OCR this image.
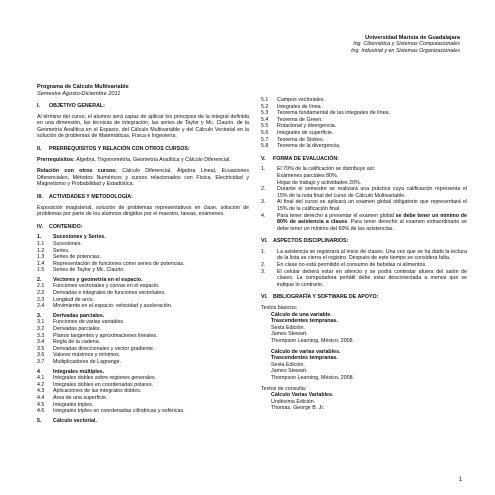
Universidad Marista de Guadalajara
Ing. Cibernética y Sistemas Computacionales
Ing. Industrial y en Sistemas Organizacionales
Programa de Cálculo Multivariable
Semestre Agosto-Diciembre 2011
I.	OBJETIVO GENERAL:

Al término del curso, el alumno será capaz de aplicar los principios de la integral definida en una dimensión, las técnicas de integración, las series de Taylor y Mc. Claurin, de la Geometría Analítica en el Espacio, del Cálculo Multivariable y del Cálculo Vectorial en la solución de problemas de Matemáticas, Física e Ingeniería.

II.	PRERREQUISITOS Y RELACIÓN CON OTROS CURSOS:

Prerrequisitos: Álgebra, Trigonometría, Geometría Analítica y Cálculo Diferencial.

Relación con otros cursos: Cálculo Diferencial, Álgebra Lineal, Ecuaciones Diferenciales, Métodos Numéricos y cursos relacionados con Física, Electricidad y Magnetismo y Probabilidad y Estadística.

III.	ACTIVIDADES Y METODOLOGÍA:

Exposición magisterial, solución de problemas representativos en clase, solución de problemas por parte de los alumnos dirigidos por el maestro, tareas, exámenes.

IV.	CONTENIDO:
1.	Sucesiones y Series.
1.1	Sucesiones.
1.2	Series.
1.3	Series de potencias.
1.4	Representación de funciones como series de potencias.
1.5	Series de Taylor y Mc. Claurin.
2.	Vectores y geometría en el espacio.
2.1	Funciones vectoriales y curvas en el espacio.
2.2	Derivadas e integrales de funciones vectoriales.
2.3	Longitud de arco.
2.4	Movimiento en el espacio: velocidad y aceleración.
3.	Derivadas parciales.
3.1	Funciones de varias variables.
3.2	Derivadas parciales.
3.3	Planos tangentes y aproximaciones lineales.
3.4	Regla de la cadena.
3.5	Derivadas direccionales y vector gradiente.
3.6	Valores máximos y mínimos.
3.7	Multiplicadores de Lagrange.
4	Integrales múltiples.
4.1	Integrales dobles sobre regiones generales.
4.2	Integrales dobles en coordenadas polares.
4.3	Aplicaciones de las integrales dobles.
4.4	Área de una superficie.
4.5	Integrales triples.
4.6	Integrales triples en coordenadas cilíndricas y esféricas.
5.	Cálculo vectorial.
5.1	Campos vectoriales.
5.2	Integrales de línea.
5.3	Teorema fundamental de las integrales de línea.
5.4	Teorema de Green.
5.5	Rotacional y divergencia.
5.6	Integrales de superficie.
5.7	Teorema de Stokes.
5.8	Teorema de la divergencia.
V.	FORMA DE EVALUACIÓN:
1.	El 70% de la calificación se distribuye así:
Exámenes parciales 80%.
Hojas de trabajo y actividades 20%.
2.	Durante el semestre se realizará una práctica cuya calificación representa el 15% de la nota final del curso de Cálculo Multivariable.
3.	Al final del curso se aplicará un examen global obligatorio que representará el 15% de la calificación final.
4.	Para tener derecho a presentar el examen global se debe tener un mínimo de 80% de asistencia a clases. Para tener derecho al examen extraordinario se debe tener un mínimo del 60% de las asistencias.
VI.	ASPECTOS DISCIPLINARIOS:
1.	La asistencia se registrará al inicio de clases. Una vez que se ha dado la lectura de la lista se cierra el registro. Después de este tiempo se considera falta.
2.	En clase no está permitido el consumo de bebidas ni alimentos.
3.	El celular deberá estar en silencio y se podrá contestar afuera del salón de clases. La computadora portátil debe estar desconectada a menos que se indique lo contrario.
VI.	BIBLIOGRAFÍA Y SOFTWARE DE APOYO:
Textos básicos:
Cálculo de una variable.
Trascendentes tempranas.
Sexta Edición.
James Stewart.
Thompson Learning, México, 2008.
Cálculo de varias variables.
Trascendentes tempranas.
Sexta Edición.
James Stewart.
Thompson Learning, México, 2008.
Textos de consulta:
Cálculo Varias Variables.
Undécima Edición.
Thomas, George B. Jr.
1
